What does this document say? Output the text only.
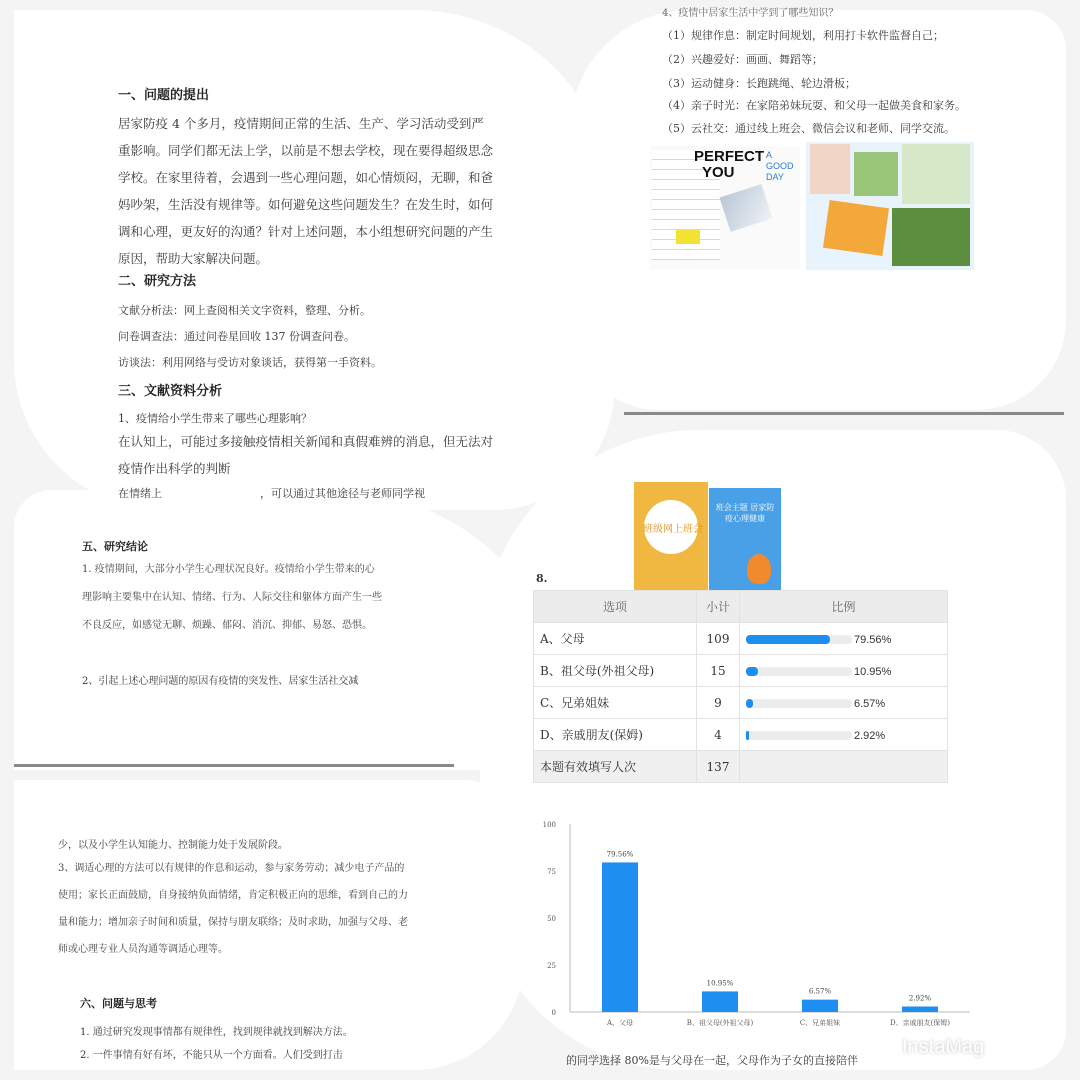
一、问题的提出
居家防疫 4 个多月，疫情期间正常的生活、生产、学习活动受到严重影响。同学们都无法上学，以前是不想去学校，现在要得超级思念学校。在家里待着，会遇到一些心理问题，如心情烦闷，无聊，和爸妈吵架，生活没有规律等。如何避免这些问题发生？在发生时，如何调和心理，更友好的沟通？针对上述问题，本小组想研究问题的产生原因，帮助大家解决问题。
二、研究方法
文献分析法：网上查阅相关文字资料，整理、分析。
问卷调查法：通过问卷星回收 137 份调查问卷。
访谈法：利用网络与受访对象谈话，获得第一手资料。
三、文献资料分析
1、疫情给小学生带来了哪些心理影响？
在认知上，可能过多接触疫情相关新闻和真假难辨的消息，但无法对疫情作出科学的判断
在情绪上	，可以通过其他途径与老师同学视
4、疫情中居家生活中学到了哪些知识？
（1）规律作息：制定时间规划，利用打卡软件监督自己；
（2）兴趣爱好：画画、舞蹈等；
（3）运动健身：长跑跳绳、轮边滑板；
（4）亲子时光：在家陪弟妹玩耍、和父母一起做美食和家务。
（5）云社交：通过线上班会、微信会议和老师、同学交流。
PERFECT
YOU
A GOOD DAY
五、研究结论
1. 疫情期间，大部分小学生心理状况良好。疫情给小学生带来的心理影响主要集中在认知、情绪、行为、人际交往和躯体方面产生一些不良反应，如感觉无聊、烦躁、郁闷、消沉、抑郁、易怒、恐惧。
2、引起上述心理问题的原因有疫情的突发性、居家生活社交减
班级网上班会
班会主题 居家防疫心理健康
8.
选项	小计	比例
A、父母	109	79.56%
B、祖父母(外祖父母)	15	10.95%
C、兄弟姐妹	9	6.57%
D、亲戚朋友(保姆)	4	2.92%
本题有效填写人次	137	
0
25
50
75
100
79.56%
A、父母
10.95%
B、祖父母(外祖父母)
6.57%
C、兄弟姐妹
2.92%
D、亲戚朋友(保姆)
的同学选择 80%是与父母在一起，父母作为子女的直接陪伴
少，以及小学生认知能力、控制能力处于发展阶段。
3、调适心理的方法可以有规律的作息和运动，参与家务劳动；减少电子产品的使用；家长正面鼓励，自身接纳负面情绪，肯定积极正向的思维，看到自己的力量和能力；增加亲子时间和质量，保持与朋友联络；及时求助，加强与父母、老师或心理专业人员沟通等调适心理等。
六、问题与思考
1. 通过研究发现事情都有规律性，找到规律就找到解决方法。
2. 一件事情有好有坏，不能只从一个方面看。人们受到打击	InstaMag
